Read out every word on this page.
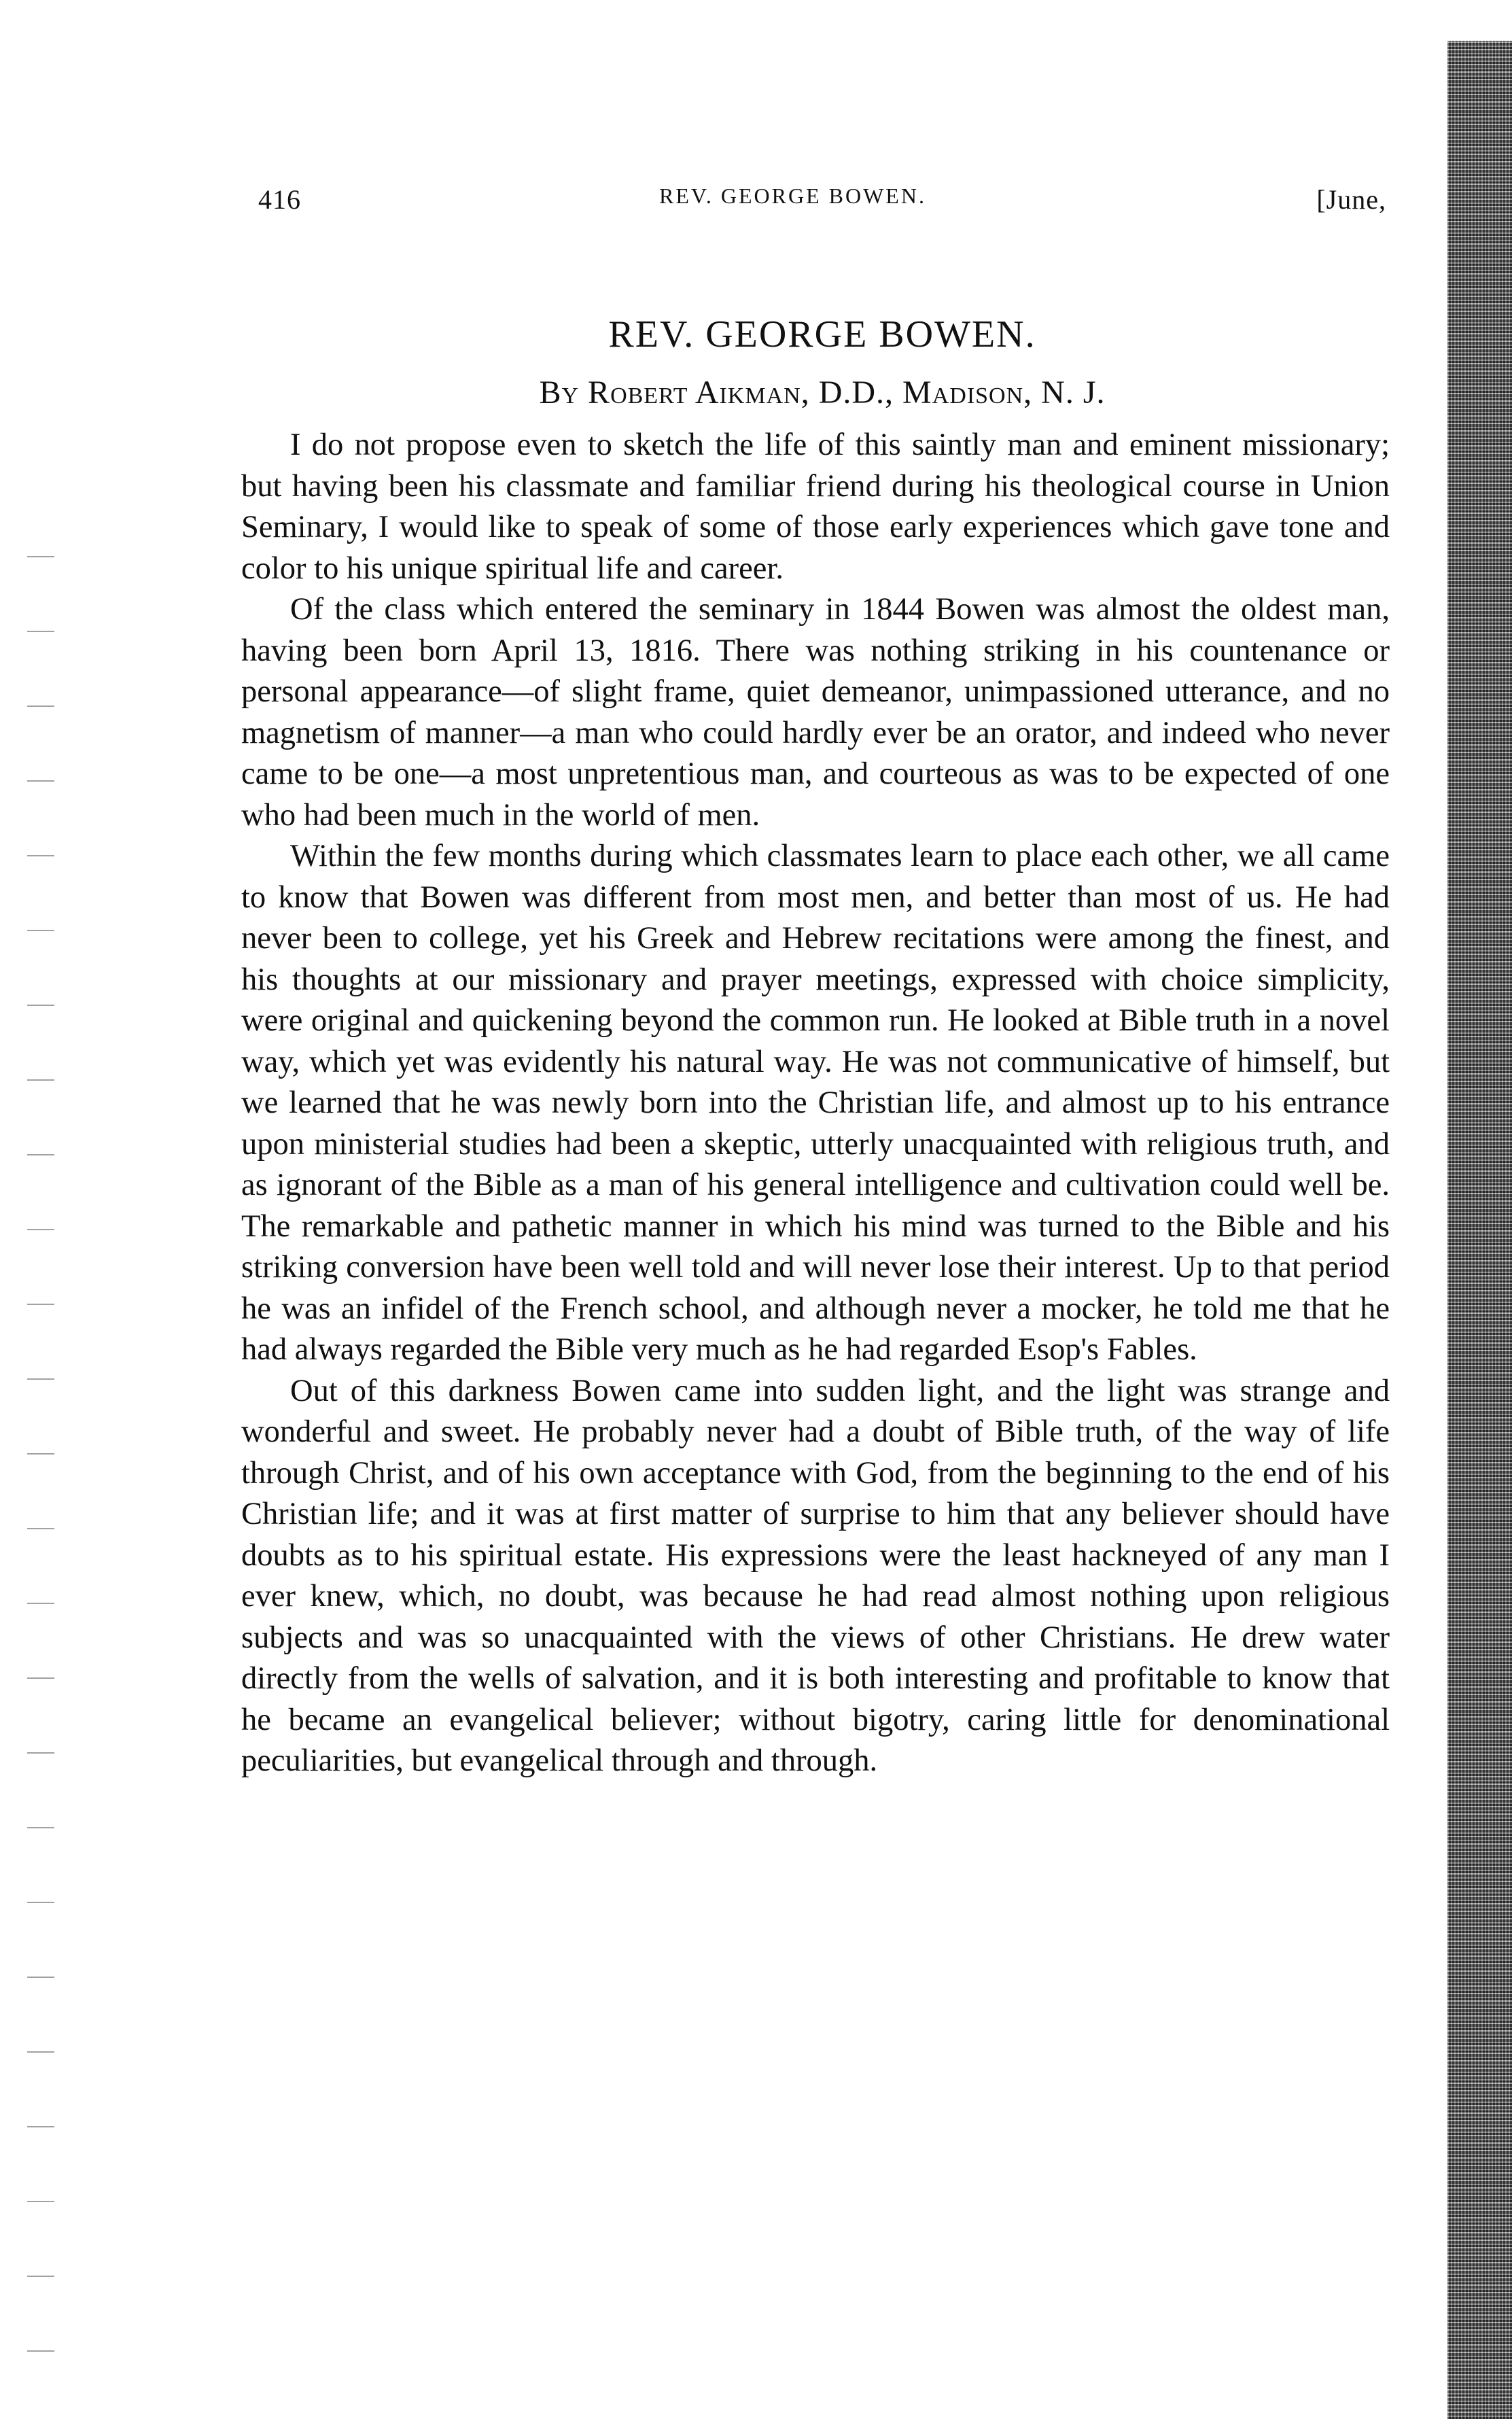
416	REV. GEORGE BOWEN.	[June,
REV. GEORGE BOWEN.
By Robert Aikman, D.D., Madison, N. J.

I do not propose even to sketch the life of this saintly man and eminent missionary; but having been his classmate and familiar friend during his theological course in Union Seminary, I would like to speak of some of those early experiences which gave tone and color to his unique spiritual life and career.

Of the class which entered the seminary in 1844 Bowen was almost the oldest man, having been born April 13, 1816. There was nothing striking in his countenance or personal appearance—of slight frame, quiet demeanor, unimpassioned utterance, and no magnetism of manner—a man who could hardly ever be an orator, and indeed who never came to be one—a most unpretentious man, and courteous as was to be expected of one who had been much in the world of men.

Within the few months during which classmates learn to place each other, we all came to know that Bowen was different from most men, and better than most of us. He had never been to college, yet his Greek and Hebrew recitations were among the finest, and his thoughts at our missionary and prayer meetings, expressed with choice simplicity, were original and quickening beyond the common run. He looked at Bible truth in a novel way, which yet was evidently his natural way. He was not communicative of himself, but we learned that he was newly born into the Christian life, and almost up to his entrance upon ministerial studies had been a skeptic, utterly unacquainted with religious truth, and as ignorant of the Bible as a man of his general intelligence and cultivation could well be. The remarkable and pathetic manner in which his mind was turned to the Bible and his striking conversion have been well told and will never lose their interest. Up to that period he was an infidel of the French school, and although never a mocker, he told me that he had always regarded the Bible very much as he had regarded Esop's Fables.

Out of this darkness Bowen came into sudden light, and the light was strange and wonderful and sweet. He probably never had a doubt of Bible truth, of the way of life through Christ, and of his own acceptance with God, from the beginning to the end of his Christian life; and it was at first matter of surprise to him that any believer should have doubts as to his spiritual estate. His expressions were the least hackneyed of any man I ever knew, which, no doubt, was because he had read almost nothing upon religious subjects and was so unacquainted with the views of other Christians. He drew water directly from the wells of salvation, and it is both interesting and profitable to know that he became an evangelical believer; without bigotry, caring little for denominational peculiarities, but evangelical through and through.
